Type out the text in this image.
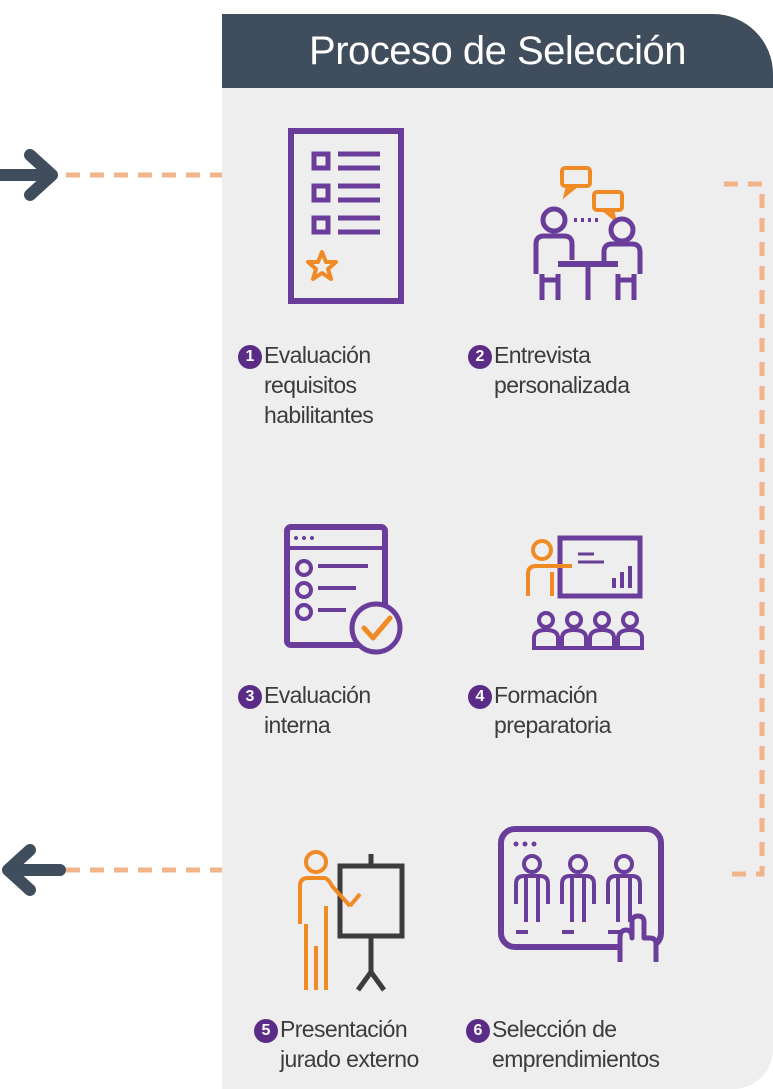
Proceso de Selección
1 Evaluación
requisitos
habilitantes
2 Entrevista
personalizada
3 Evaluación
interna
4 Formación
preparatoria
5 Presentación
jurado externo
6 Selección de
emprendimientos
